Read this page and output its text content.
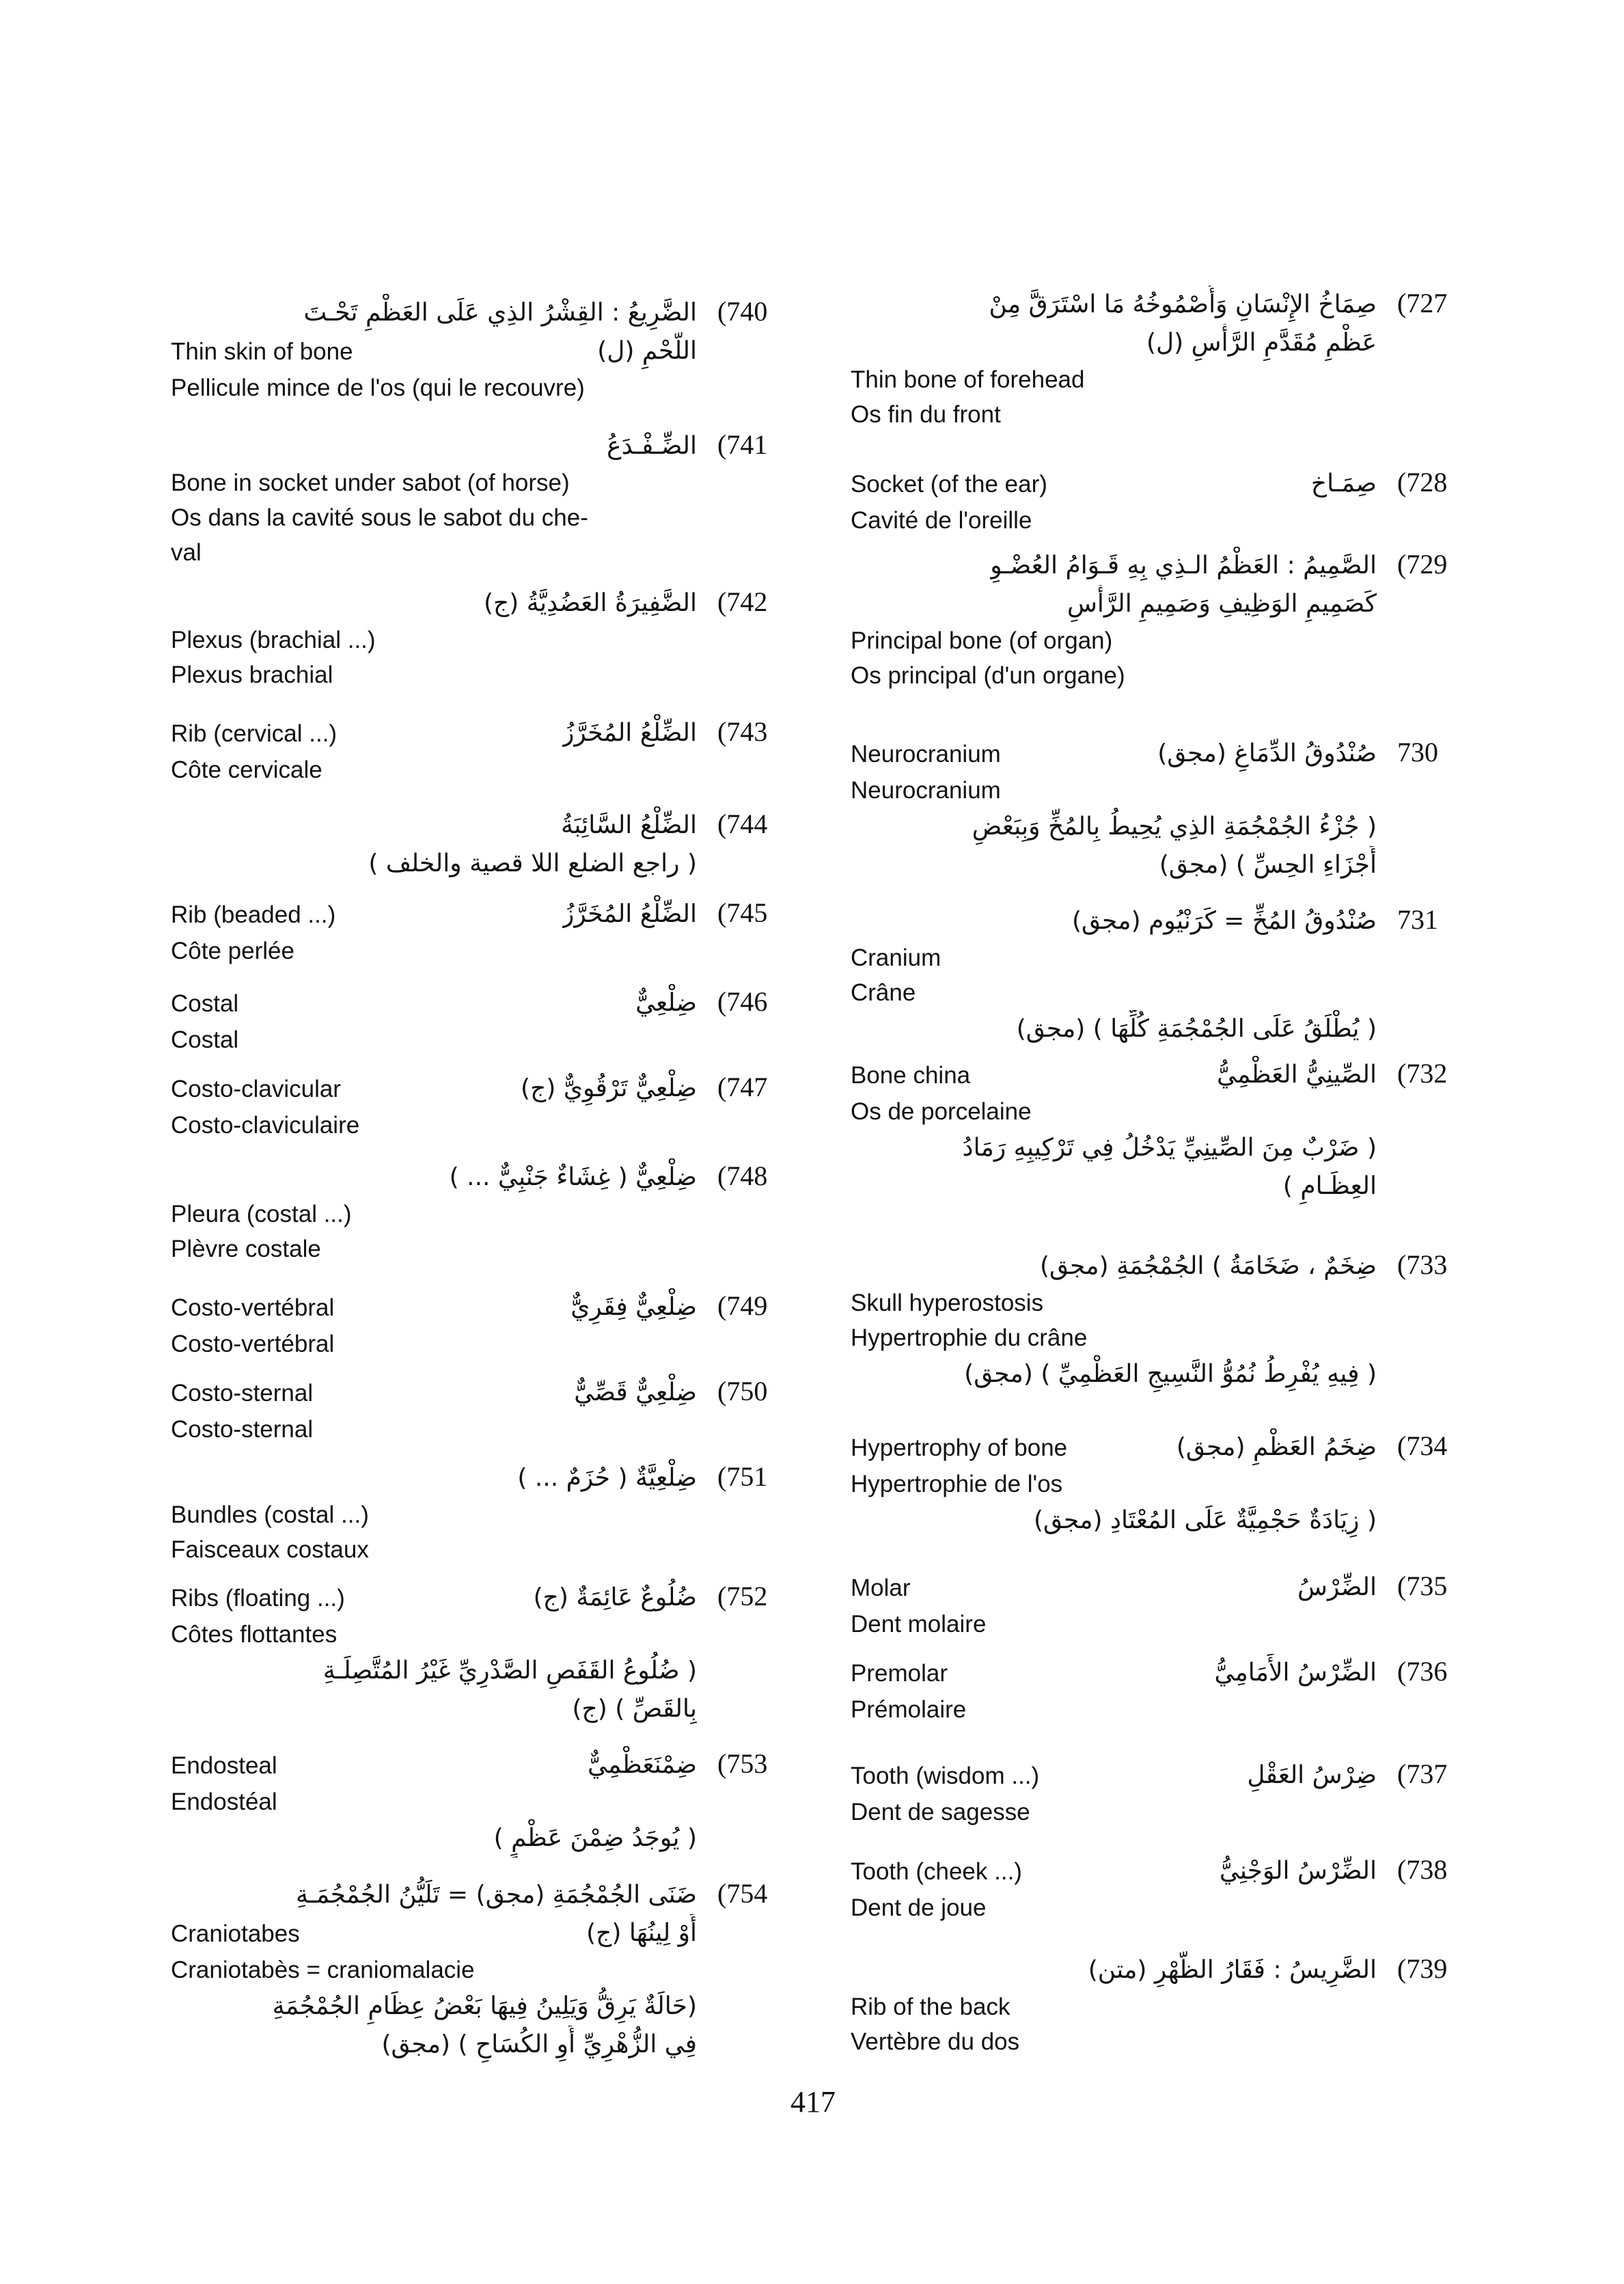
(727
صِمَاخُ الإِنْسَانِ وَأُصْمُوخُهُ مَا اسْتَرَقَّ مِنْ
عَظْمِ مُقَدَّمِ الرَّأْسِ (ل)
Thin bone of forehead
Os fin du front
(728
صِمَـاخ
Socket (of the ear)
Cavité de l'oreille
(729
الصَّمِيمُ : العَظْمُ الـذِي بِهِ قَـوَامُ العُضْـوِ
كَصَمِيمِ الوَظِيفِ وَصَمِيمِ الرَّأْسِ
Principal bone (of organ)
Os principal (d'un organe)
730
صُنْدُوقُ الدِّمَاغِ (مجق)
Neurocranium
Neurocranium
( جُزْءُ الجُمْجُمَةِ الذِي يُحِيطُ بِالمُخِّ وَبِبَعْضِ
أَجْزَاءِ الحِسِّ ) (مجق)
731
صُنْدُوقُ المُخِّ = كَرَنْيُوم (مجق)
Cranium
Crâne
( يُطْلَقُ عَلَى الجُمْجُمَةِ كُلِّهَا ) (مجق)
(732
الصِّينِيُّ العَظْمِيُّ
Bone china
Os de porcelaine
( ضَرْبٌ مِنَ الصِّينِيِّ يَدْخُلُ فِي تَرْكِيبِهِ رَمَادُ
العِظَـامِ )
(733
ضِخَمٌ ، ضَخَامَةُ ) الجُمْجُمَةِ (مجق)
Skull hyperostosis
Hypertrophie du crâne
( فِيهِ يُفْرِطُ نُمُوُّ النَّسِيجِ العَظْمِيِّ ) (مجق)
(734
ضِخَمُ العَظْمِ (مجق)
Hypertrophy of bone
Hypertrophie de l'os
( زِيَادَةٌ حَجْمِيَّةٌ عَلَى المُعْتَادِ (مجق)
(735
الضِّرْسُ
Molar
Dent molaire
(736
الضِّرْسُ الأَمَامِيُّ
Premolar
Prémolaire
(737
ضِرْسُ العَقْلِ
Tooth (wisdom ...)
Dent de sagesse
(738
الضِّرْسُ الوَجْنِيُّ
Tooth (cheek ...)
Dent de joue
(739
الضَّرِيسُ : فَقَارُ الظَّهْرِ (متن)
Rib of the back
Vertèbre du dos
(740
الضَّرِيعُ : القِشْرُ الذِي عَلَى العَظْمِ تَحْـتَ
اللَّحْمِ (ل)
Thin skin of bone
Pellicule mince de l'os (qui le recouvre)
(741
الضِّـفْـدَعُ
Bone in socket under sabot (of horse)
Os dans la cavité sous le sabot du che-
val
(742
الضَّفِيرَةُ العَضُدِيَّةُ (ج)
Plexus (brachial ...)
Plexus brachial
(743
الضِّلْعُ المُخَرَّزُ
Rib (cervical ...)
Côte cervicale
(744
الضِّلْعُ السَّائِبَةُ
( راجع الضلع اللا قصية والخلف )
(745
الضِّلْعُ المُخَرَّزُ
Rib (beaded ...)
Côte perlée
(746
ضِلْعِيٌّ
Costal
Costal
(747
ضِلْعِيٌّ تَرْقُوِيٌّ (ج)
Costo-clavicular
Costo-claviculaire
(748
ضِلْعِيٌّ ( غِشَاءٌ جَنْبِيٌّ ... )
Pleura (costal ...)
Plèvre costale
(749
ضِلْعِيٌّ فِقَرِيٌّ
Costo-vertébral
Costo-vertébral
(750
ضِلْعِيٌّ قَصِّيٌّ
Costo-sternal
Costo-sternal
(751
ضِلْعِيَّةٌ ( حُزَمٌ ... )
Bundles (costal ...)
Faisceaux costaux
(752
ضُلُوعٌ عَائِمَةٌ (ج)
Ribs (floating ...)
Côtes flottantes
( ضُلُوعُ القَفَصِ الصَّدْرِيِّ غَيْرُ المُتَّصِلَـةِ
بِالقَصِّ ) (ج)
(753
ضِمْنَعَظْمِيٌّ
Endosteal
Endostéal
( يُوجَدُ ضِمْنَ عَظْمٍ )
(754
ضَنَى الجُمْجُمَةِ (مجق) = تَلَيُّنُ الجُمْجُمَـةِ
أَوْ لِينُهَا (ج)
Craniotabes
Craniotabès = craniomalacie
(حَالَةٌ يَرِقُّ وَيَلِينُ فِيهَا بَعْضُ عِظَامِ الجُمْجُمَةِ
فِي الزُّهْرِيِّ أَوِ الكُسَاحِ ) (مجق)
417
